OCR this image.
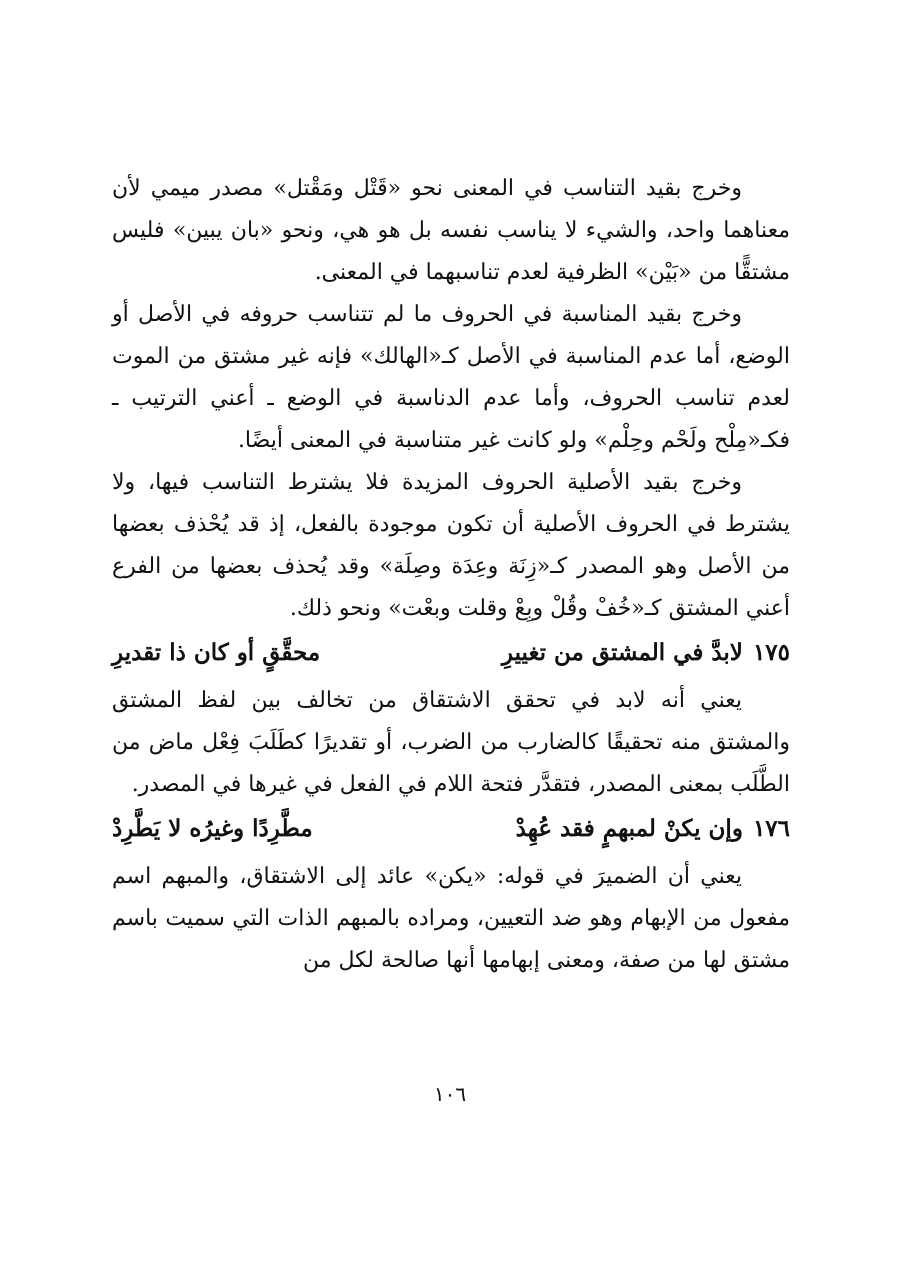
وخرج بقيد التناسب في المعنى نحو «قَتْل ومَقْتل» مصدر ميمي لأن معناهما واحد، والشيء لا يناسب نفسه بل هو هي، ونحو «بان يبين» فليس مشتقًّا من «بَيْن» الظرفية لعدم تناسبهما في المعنى.

وخرج بقيد المناسبة في الحروف ما لم تتناسب حروفه في الأصل أو الوضع، أما عدم المناسبة في الأصل كـ«الهالك» فإنه غير مشتق من الموت لعدم تناسب الحروف، وأما عدم الدناسبة في الوضع ـ أعني الترتيب ـ فكـ«مِلْح ولَحْم وحِلْم» ولو كانت غير متناسبة في المعنى أيضًا.

وخرج بقيد الأصلية الحروف المزيدة فلا يشترط التناسب فيها، ولا يشترط في الحروف الأصلية أن تكون موجودة بالفعل، إذ قد يُحْذف بعضها من الأصل وهو المصدر كـ«زِنَة وعِدَة وصِلَة» وقد يُحذف بعضها من الفرع أعني المشتق كـ«خُفْ وقُلْ وبِعْ وقلت وبعْت» ونحو ذلك.

١٧٥
لابدَّ في المشتق من تغييرِ
محقَّقٍ أو كان ذا تقديرِ

يعني أنه لابد في تحقق الاشتقاق من تخالف بين لفظ المشتق والمشتق منه تحقيقًا كالضارب من الضرب، أو تقديرًا كطَلَبَ فِعْل ماض من الطَّلَب بمعنى المصدر، فتقدَّر فتحة اللام في الفعل في غيرها في المصدر.

١٧٦
وإن يكنْ لمبهمٍ فقد عُهِدْ
مطَّرِدًا وغيرُه لا يَطَّرِدْ

يعني أن الضميرَ في قوله: «يكن» عائد إلى الاشتقاق، والمبهم اسم مفعول من الإبهام وهو ضد التعيين، ومراده بالمبهم الذات التي سميت باسم مشتق لها من صفة، ومعنى إبهامها أنها صالحة لكل من

١٠٦
